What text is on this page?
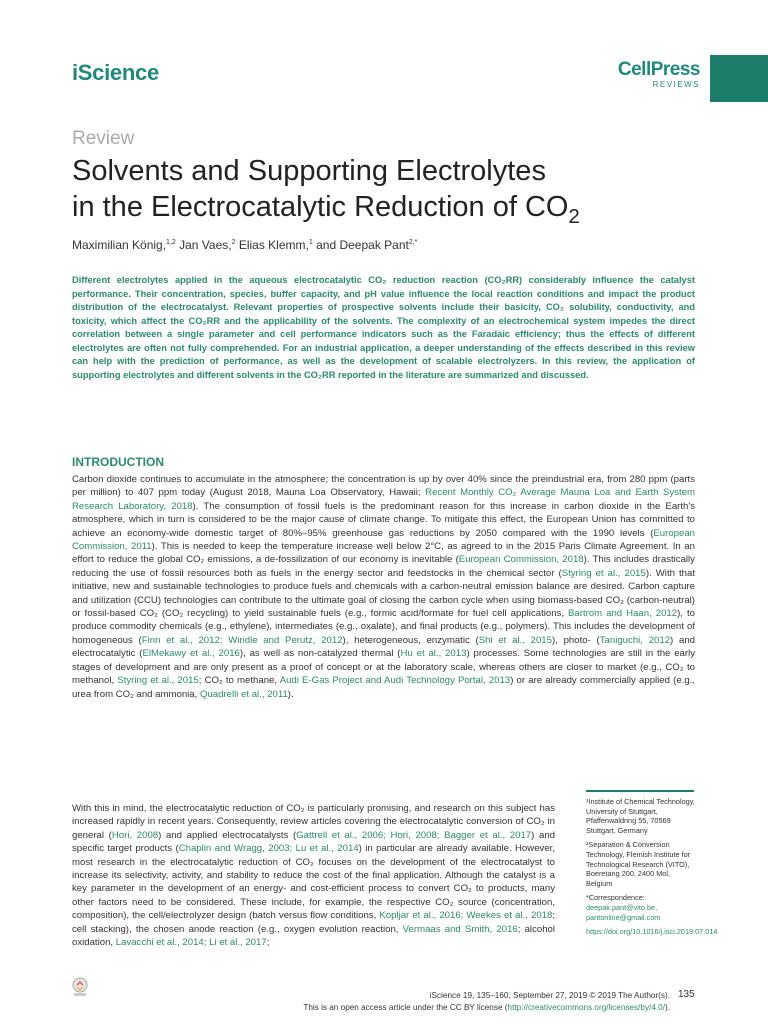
iScience	CellPress
REVIEWS
Review
Solvents and Supporting Electrolytes
in the Electrocatalytic Reduction of $CO_2$
Maximilian König,$^{1,2}$ Jan Vaes,$^2$ Elias Klemm,$^1$ and Deepak Pant$^{2,*}$

Different electrolytes applied in the aqueous electrocatalytic CO₂ reduction reaction (CO₂RR) considerably influence the catalyst performance. Their concentration, species, buffer capacity, and pH value influence the local reaction conditions and impact the product distribution of the electrocatalyst. Relevant properties of prospective solvents include their basicity, CO₂ solubility, conductivity, and toxicity, which affect the CO₂RR and the applicability of the solvents. The complexity of an electrochemical system impedes the direct correlation between a single parameter and cell performance indicators such as the Faradaic efficiency; thus the effects of different electrolytes are often not fully comprehended. For an industrial application, a deeper understanding of the effects described in this review can help with the prediction of performance, as well as the development of scalable electrolyzers. In this review, the application of supporting electrolytes and different solvents in the CO₂RR reported in the literature are summarized and discussed.

INTRODUCTION

Carbon dioxide continues to accumulate in the atmosphere; the concentration is up by over 40% since the preindustrial era, from 280 ppm (parts per million) to 407 ppm today (August 2018, Mauna Loa Observatory, Hawaii; Recent Monthly CO₂ Average Mauna Loa and Earth System Research Laboratory, 2018). The consumption of fossil fuels is the predominant reason for this increase in carbon dioxide in the Earth's atmosphere, which in turn is considered to be the major cause of climate change. To mitigate this effect, the European Union has committed to achieve an economy-wide domestic target of 80%–95% greenhouse gas reductions by 2050 compared with the 1990 levels (European Commission, 2011). This is needed to keep the temperature increase well below 2°C, as agreed to in the 2015 Paris Climate Agreement. In an effort to reduce the global CO₂ emissions, a de-fossilization of our economy is inevitable (European Commission, 2018). This includes drastically reducing the use of fossil resources both as fuels in the energy sector and feedstocks in the chemical sector (Styring et al., 2015). With that initiative, new and sustainable technologies to produce fuels and chemicals with a carbon-neutral emission balance are desired. Carbon capture and utilization (CCU) technologies can contribute to the ultimate goal of closing the carbon cycle when using biomass-based CO₂ (carbon-neutral) or fossil-based CO₂ (CO₂ recycling) to yield sustainable fuels (e.g., formic acid/formate for fuel cell applications, Bartrom and Haan, 2012), to produce commodity chemicals (e.g., ethylene), intermediates (e.g., oxalate), and final products (e.g., polymers). This includes the development of homogeneous (Finn et al., 2012; Windle and Perutz, 2012), heterogeneous, enzymatic (Shi et al., 2015), photo- (Taniguchi, 2012) and electrocatalytic (ElMekawy et al., 2016), as well as non-catalyzed thermal (Hu et al., 2013) processes. Some technologies are still in the early stages of development and are only present as a proof of concept or at the laboratory scale, whereas others are closer to market (e.g., CO₂ to methanol, Styring et al., 2015; CO₂ to methane, Audi E-Gas Project and Audi Technology Portal, 2013) or are already commercially applied (e.g., urea from CO₂ and ammonia, Quadrelli et al., 2011).

With this in mind, the electrocatalytic reduction of CO₂ is particularly promising, and research on this subject has increased rapidly in recent years. Consequently, review articles covering the electrocatalytic conversion of CO₂ in general (Hori, 2008) and applied electrocatalysts (Gattrell et al., 2006; Hori, 2008; Bagger et al., 2017) and specific target products (Chaplin and Wragg, 2003; Lu et al., 2014) in particular are already available. However, most research in the electrocatalytic reduction of CO₂ focuses on the development of the electrocatalyst to increase its selectivity, activity, and stability to reduce the cost of the final application. Although the catalyst is a key parameter in the development of an energy- and cost-efficient process to convert CO₂ to products, many other factors need to be considered. These include, for example, the respective CO₂ source (concentration, composition), the cell/electrolyzer design (batch versus flow conditions, Kopljar et al., 2016; Weekes et al., 2018; cell stacking), the chosen anode reaction (e.g., oxygen evolution reaction, Vermaas and Smith, 2016; alcohol oxidation, Lavacchi et al., 2014; Li et al., 2017;

¹Institute of Chemical Technology, University of Stuttgart, Pfaffenwaldring 55, 70569 Stuttgart, Germany
²Separation & Conversion Technology, Flemish Institute for Technological Research (VITO), Boeretang 200, 2400 Mol, Belgium
*Correspondence:
deepak.pant@vito.be,
pantonline@gmail.com
https://doi.org/10.1016/j.isci.2019.07.014
iScience 19, 135–160, September 27, 2019 © 2019 The Author(s). 135
This is an open access article under the CC BY license (http://creativecommons.org/licenses/by/4.0/).
